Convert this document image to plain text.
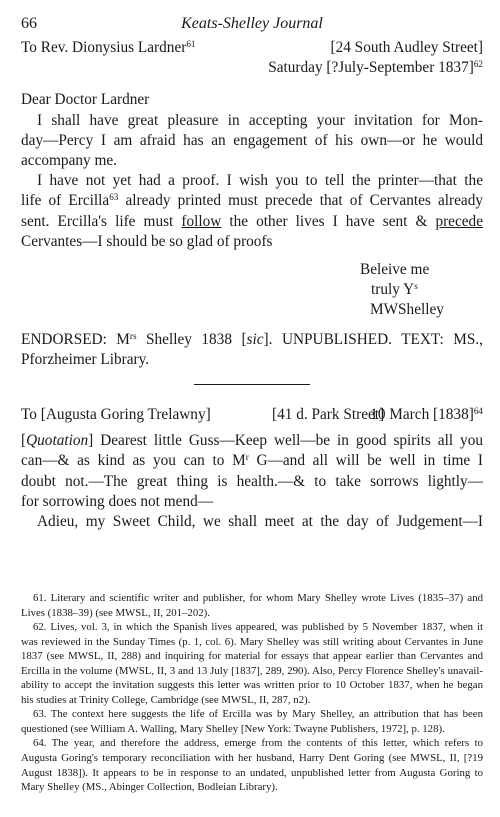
66	Keats-Shelley Journal
To Rev. Dionysius Lardner$^{61}$	[24 South Audley Street]
Saturday [?July-September 1837]$^{62}$
Dear Doctor Lardner
I shall have great pleasure in accepting your invitation for Mon-
day—Percy I am afraid has an engagement of his own—or he would
accompany me.
I have not yet had a proof. I wish you to tell the printer—that the
life of Ercilla$^{63}$ already printed must precede that of Cervantes already
sent. Ercilla's life must follow the other lives I have sent & precede
Cervantes—I should be so glad of proofs
Beleive me
truly $Y^s$
MWShelley
ENDORSED: $M^{rs}$ Shelley 1838 [sic]. UNPUBLISHED. TEXT: MS.,
Pforzheimer Library.
To [Augusta Goring Trelawny]	[41 d. Park Street]
10 March $[1838]^{64}$
[Quotation] Dearest little Guss—Keep well—be in good spirits all you
can—& as kind as you can to $M^r$ G—and all will be well in time I
doubt not.—The great thing is health.—& to take sorrows lightly—
for sorrowing does not mend—
Adieu, my Sweet Child, we shall meet at the day of Judgement—I
61. Literary and scientific writer and publisher, for whom Mary Shelley wrote Lives (1835–37) and
Lives (1838–39) (see MWSL, II, 201–202).
62. Lives, vol. 3, in which the Spanish lives appeared, was published by 5 November 1837, when it
was reviewed in the Sunday Times (p. 1, col. 6). Mary Shelley was still writing about Cervantes in June
1837 (see MWSL, II, 288) and inquiring for material for essays that appear earlier than Cervantes and
Ercilla in the volume (MWSL, II, 3 and 13 July [1837], 289, 290). Also, Percy Florence Shelley's unavail-
ability to accept the invitation suggests this letter was written prior to 10 October 1837, when he began
his studies at Trinity College, Cambridge (see MWSL, II, 287, n2).
63. The context here suggests the life of Ercilla was by Mary Shelley, an attribution that has been
questioned (see William A. Walling, Mary Shelley [New York: Twayne Publishers, 1972], p. 128).
64. The year, and therefore the address, emerge from the contents of this letter, which refers to
Augusta Goring's temporary reconciliation with her husband, Harry Dent Goring (see MWSL, II, [?19
August 1838]). It appears to be in response to an undated, unpublished letter from Augusta Goring to
Mary Shelley (MS., Abinger Collection, Bodleian Library).
